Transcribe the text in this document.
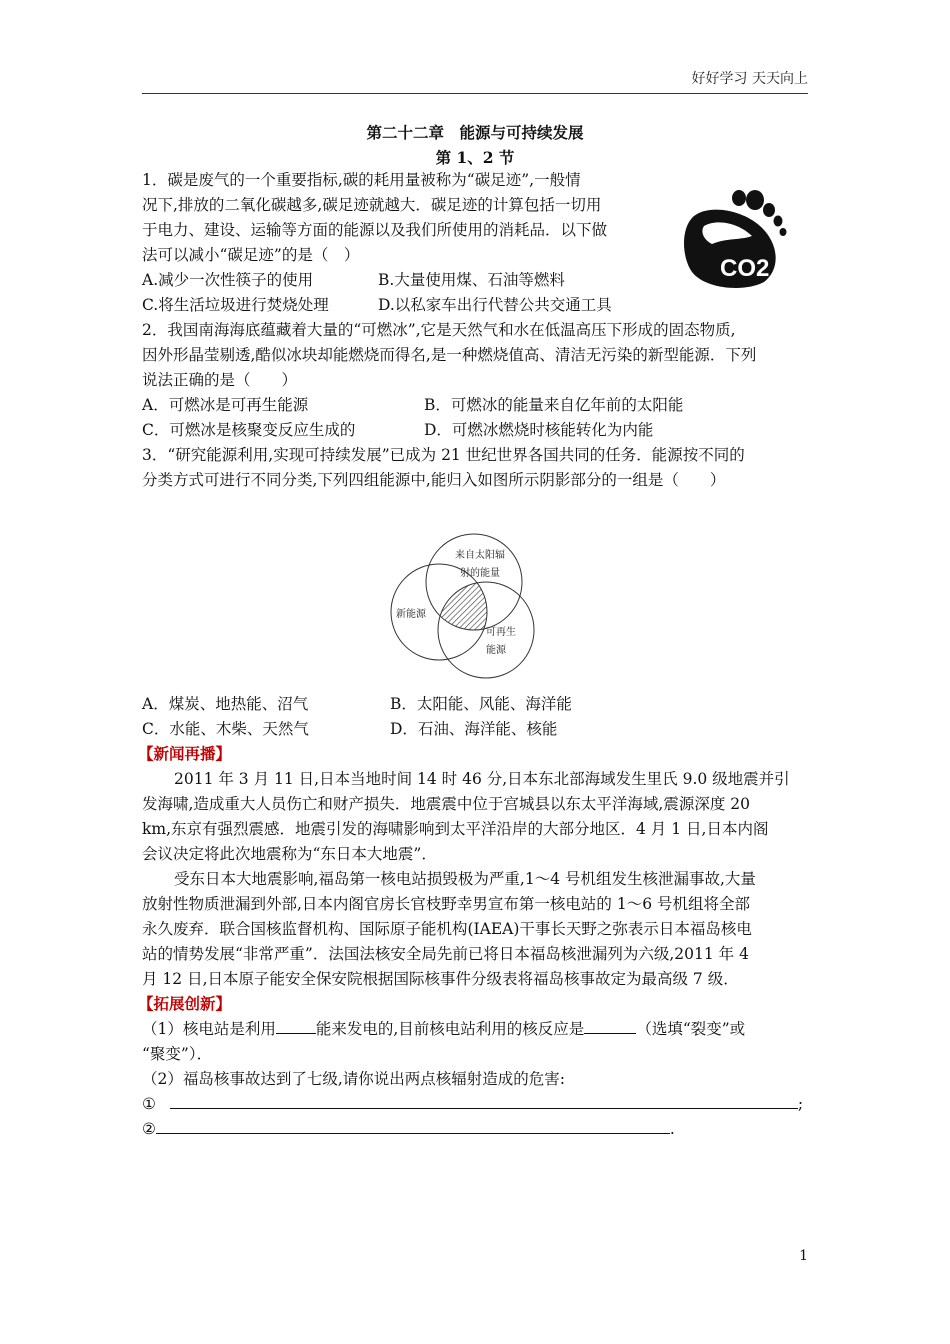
好好学习 天天向上
第二十二章　能源与可持续发展
第 1、2 节
1．碳是废气的一个重要指标,碳的耗用量被称为“碳足迹”,一般情
况下,排放的二氧化碳越多,碳足迹就越大．碳足迹的计算包括一切用
于电力、建设、运输等方面的能源以及我们所使用的消耗品．以下做
法可以减小“碳足迹”的是（　）
A.减少一次性筷子的使用	B.大量使用煤、石油等燃料
C.将生活垃圾进行焚烧处理	D.以私家车出行代替公共交通工具
CO2
2．我国南海海底蕴藏着大量的“可燃冰”,它是天然气和水在低温高压下形成的固态物质,
因外形晶莹剔透,酷似冰块却能燃烧而得名,是一种燃烧值高、清洁无污染的新型能源．下列
说法正确的是（　　）
A．可燃冰是可再生能源	B．可燃冰的能量来自亿年前的太阳能
C．可燃冰是核聚变反应生成的	D．可燃冰燃烧时核能转化为内能
3．“研究能源利用,实现可持续发展”已成为 21 世纪世界各国共同的任务．能源按不同的
分类方式可进行不同分类,下列四组能源中,能归入如图所示阴影部分的一组是（　　）
来自太阳辐
射的能量
新能源
可再生
能源
A．煤炭、地热能、沼气	B．太阳能、风能、海洋能
C．水能、木柴、天然气	D．石油、海洋能、核能
【新闻再播】
2011 年 3 月 11 日,日本当地时间 14 时 46 分,日本东北部海域发生里氏 9.0 级地震并引
发海啸,造成重大人员伤亡和财产损失．地震震中位于宫城县以东太平洋海域,震源深度 20
km,东京有强烈震感．地震引发的海啸影响到太平洋沿岸的大部分地区．4 月 1 日,日本内阁
会议决定将此次地震称为“东日本大地震”．
受东日本大地震影响,福岛第一核电站损毁极为严重,1～4 号机组发生核泄漏事故,大量
放射性物质泄漏到外部,日本内阁官房长官枝野幸男宣布第一核电站的 1～6 号机组将全部
永久废弃．联合国核监督机构、国际原子能机构(IAEA)干事长天野之弥表示日本福岛核电
站的情势发展“非常严重”．法国法核安全局先前已将日本福岛核泄漏列为六级,2011 年 4
月 12 日,日本原子能安全保安院根据国际核事件分级表将福岛核事故定为最高级 7 级．
【拓展创新】
（1）核电站是利用	能来发电的,目前核电站利用的核反应是	（选填“裂变”或
“聚变”）．
（2）福岛核事故达到了七级,请你说出两点核辐射造成的危害:
①	;
②	.
1
